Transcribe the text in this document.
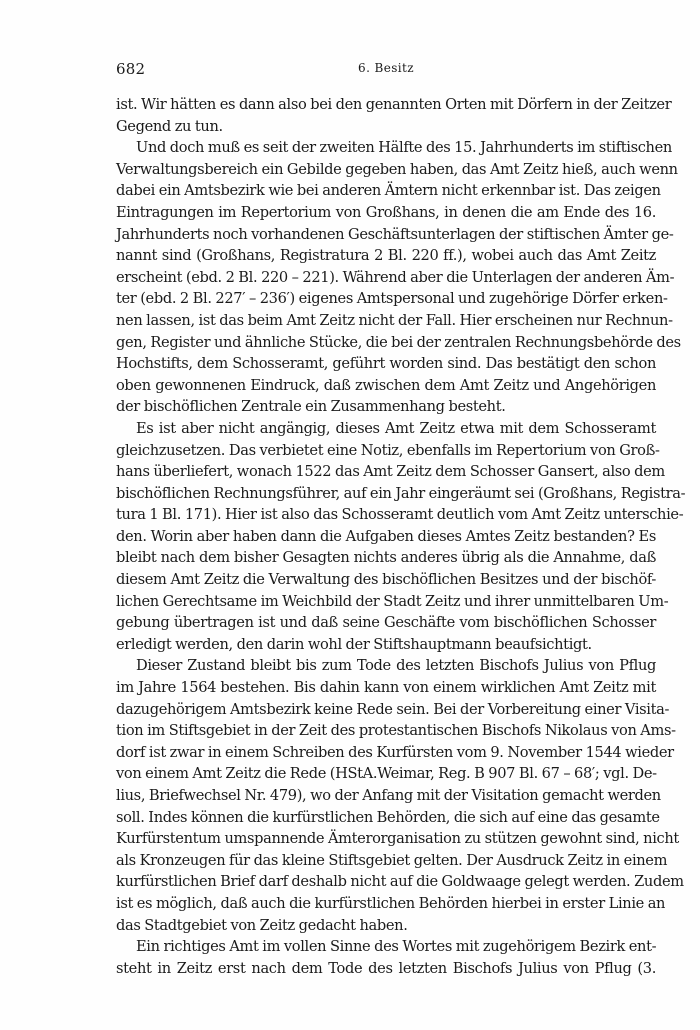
682	6. Besitz
ist. Wir hätten es dann also bei den genannten Orten mit Dörfern in der Zeitzer
Gegend zu tun.
Und doch muß es seit der zweiten Hälfte des 15. Jahrhunderts im stiftischen
Verwaltungsbereich ein Gebilde gegeben haben, das Amt Zeitz hieß, auch wenn
dabei ein Amtsbezirk wie bei anderen Ämtern nicht erkennbar ist. Das zeigen
Eintragungen im Repertorium von Großhans, in denen die am Ende des 16.
Jahrhunderts noch vorhandenen Geschäftsunterlagen der stiftischen Ämter ge-
nannt sind (Großhans, Registratura 2 Bl. 220 ff.), wobei auch das Amt Zeitz
erscheint (ebd. 2 Bl. 220 – 221). Während aber die Unterlagen der anderen Äm-
ter (ebd. 2 Bl. 227′ – 236′) eigenes Amtspersonal und zugehörige Dörfer erken-
nen lassen, ist das beim Amt Zeitz nicht der Fall. Hier erscheinen nur Rechnun-
gen, Register und ähnliche Stücke, die bei der zentralen Rechnungsbehörde des
Hochstifts, dem Schosseramt, geführt worden sind. Das bestätigt den schon
oben gewonnenen Eindruck, daß zwischen dem Amt Zeitz und Angehörigen
der bischöflichen Zentrale ein Zusammenhang besteht.
Es ist aber nicht angängig, dieses Amt Zeitz etwa mit dem Schosseramt
gleichzusetzen. Das verbietet eine Notiz, ebenfalls im Repertorium von Groß-
hans überliefert, wonach 1522 das Amt Zeitz dem Schosser Gansert, also dem
bischöflichen Rechnungsführer, auf ein Jahr eingeräumt sei (Großhans, Registra-
tura 1 Bl. 171). Hier ist also das Schosseramt deutlich vom Amt Zeitz unterschie-
den. Worin aber haben dann die Aufgaben dieses Amtes Zeitz bestanden? Es
bleibt nach dem bisher Gesagten nichts anderes übrig als die Annahme, daß
diesem Amt Zeitz die Verwaltung des bischöflichen Besitzes und der bischöf-
lichen Gerechtsame im Weichbild der Stadt Zeitz und ihrer unmittelbaren Um-
gebung übertragen ist und daß seine Geschäfte vom bischöflichen Schosser
erledigt werden, den darin wohl der Stiftshauptmann beaufsichtigt.
Dieser Zustand bleibt bis zum Tode des letzten Bischofs Julius von Pflug
im Jahre 1564 bestehen. Bis dahin kann von einem wirklichen Amt Zeitz mit
dazugehörigem Amtsbezirk keine Rede sein. Bei der Vorbereitung einer Visita-
tion im Stiftsgebiet in der Zeit des protestantischen Bischofs Nikolaus von Ams-
dorf ist zwar in einem Schreiben des Kurfürsten vom 9. November 1544 wieder
von einem Amt Zeitz die Rede (HStA.Weimar, Reg. B 907 Bl. 67 – 68′; vgl. De-
lius, Briefwechsel Nr. 479), wo der Anfang mit der Visitation gemacht werden
soll. Indes können die kurfürstlichen Behörden, die sich auf eine das gesamte
Kurfürstentum umspannende Ämterorganisation zu stützen gewohnt sind, nicht
als Kronzeugen für das kleine Stiftsgebiet gelten. Der Ausdruck Zeitz in einem
kurfürstlichen Brief darf deshalb nicht auf die Goldwaage gelegt werden. Zudem
ist es möglich, daß auch die kurfürstlichen Behörden hierbei in erster Linie an
das Stadtgebiet von Zeitz gedacht haben.
Ein richtiges Amt im vollen Sinne des Wortes mit zugehörigem Bezirk ent-
steht in Zeitz erst nach dem Tode des letzten Bischofs Julius von Pflug (3.
